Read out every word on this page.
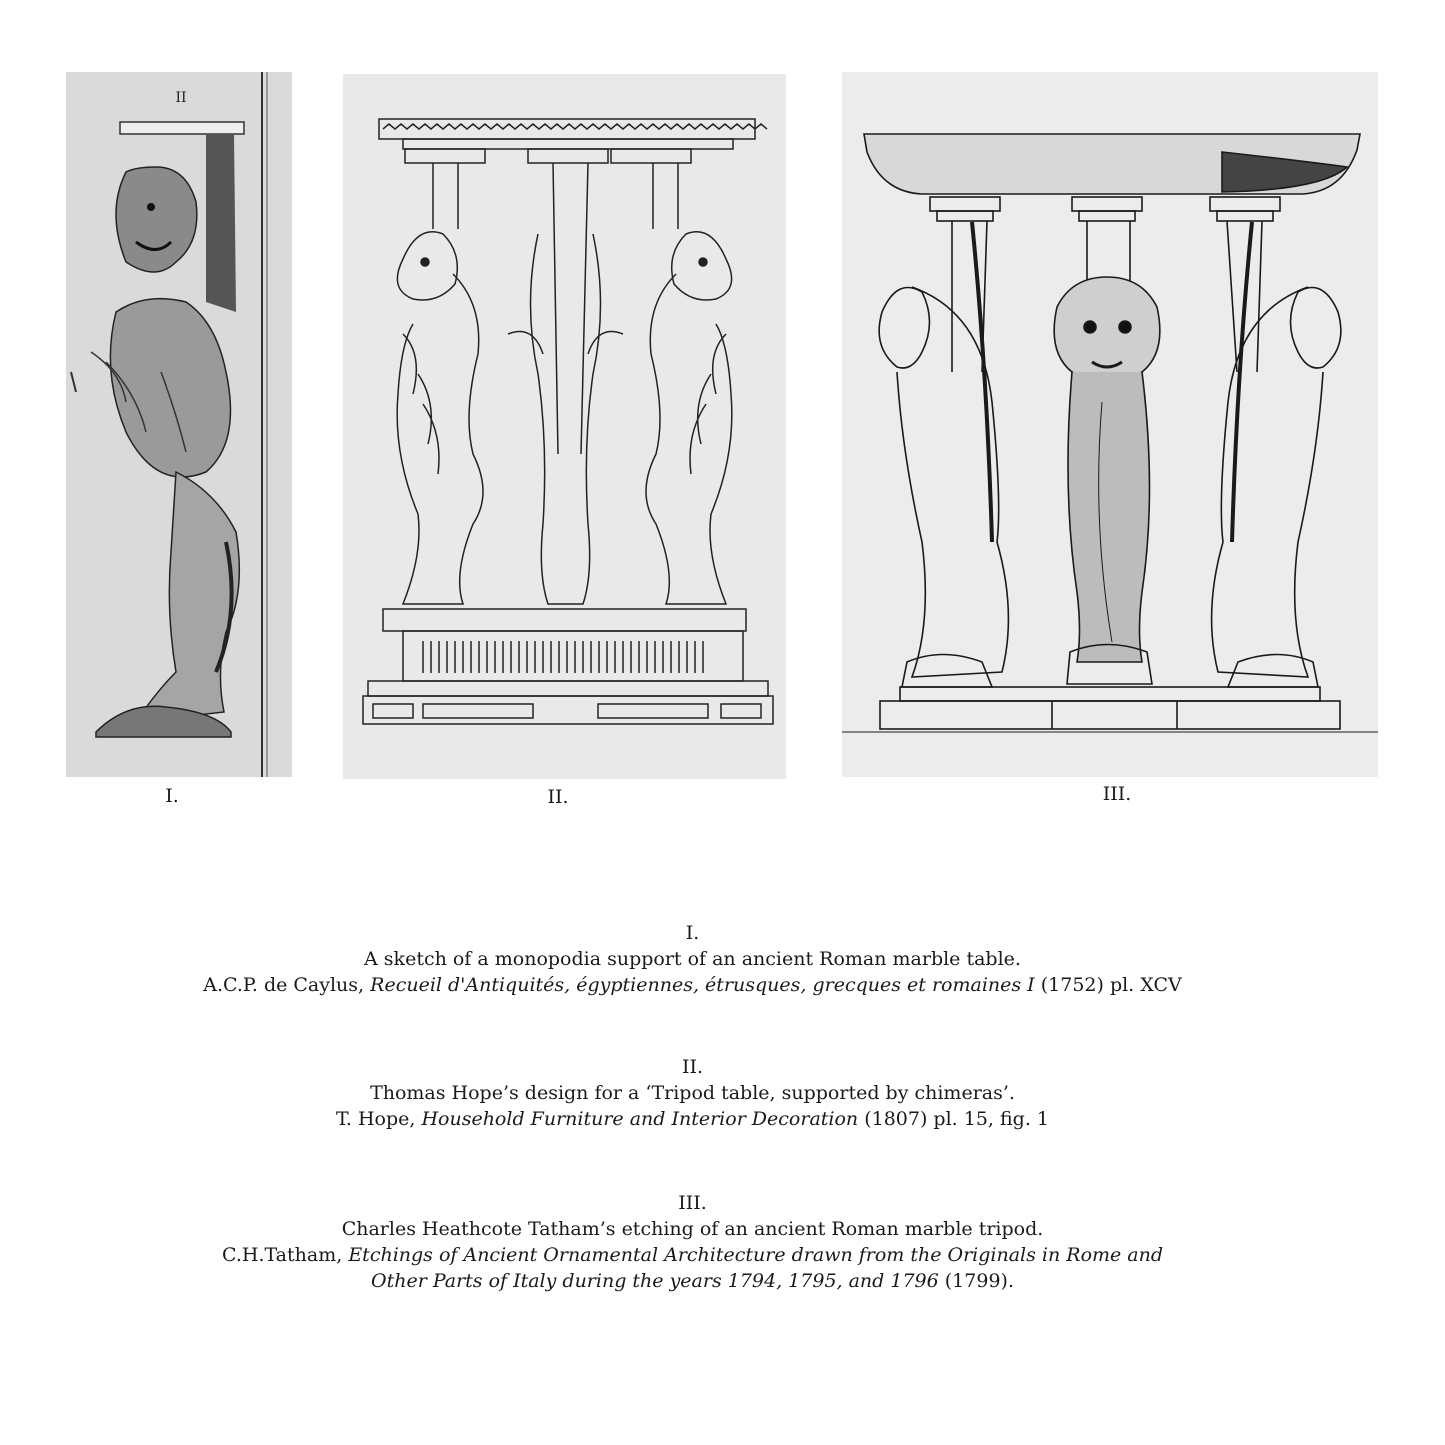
II
I.	II.	III.
I.
A sketch of a monopodia support of an ancient Roman marble table.
A.C.P. de Caylus, Recueil d'Antiquités, égyptiennes, étrusques, grecques et romaines I (1752) pl. XCV
II.
Thomas Hope’s design for a ‘Tripod table, supported by chimeras’.
T. Hope, Household Furniture and Interior Decoration (1807) pl. 15, fig. 1
III.
Charles Heathcote Tatham’s etching of an ancient Roman marble tripod.
C.H.Tatham, Etchings of Ancient Ornamental Architecture drawn from the Originals in Rome and
Other Parts of Italy during the years 1794, 1795, and 1796 (1799).
